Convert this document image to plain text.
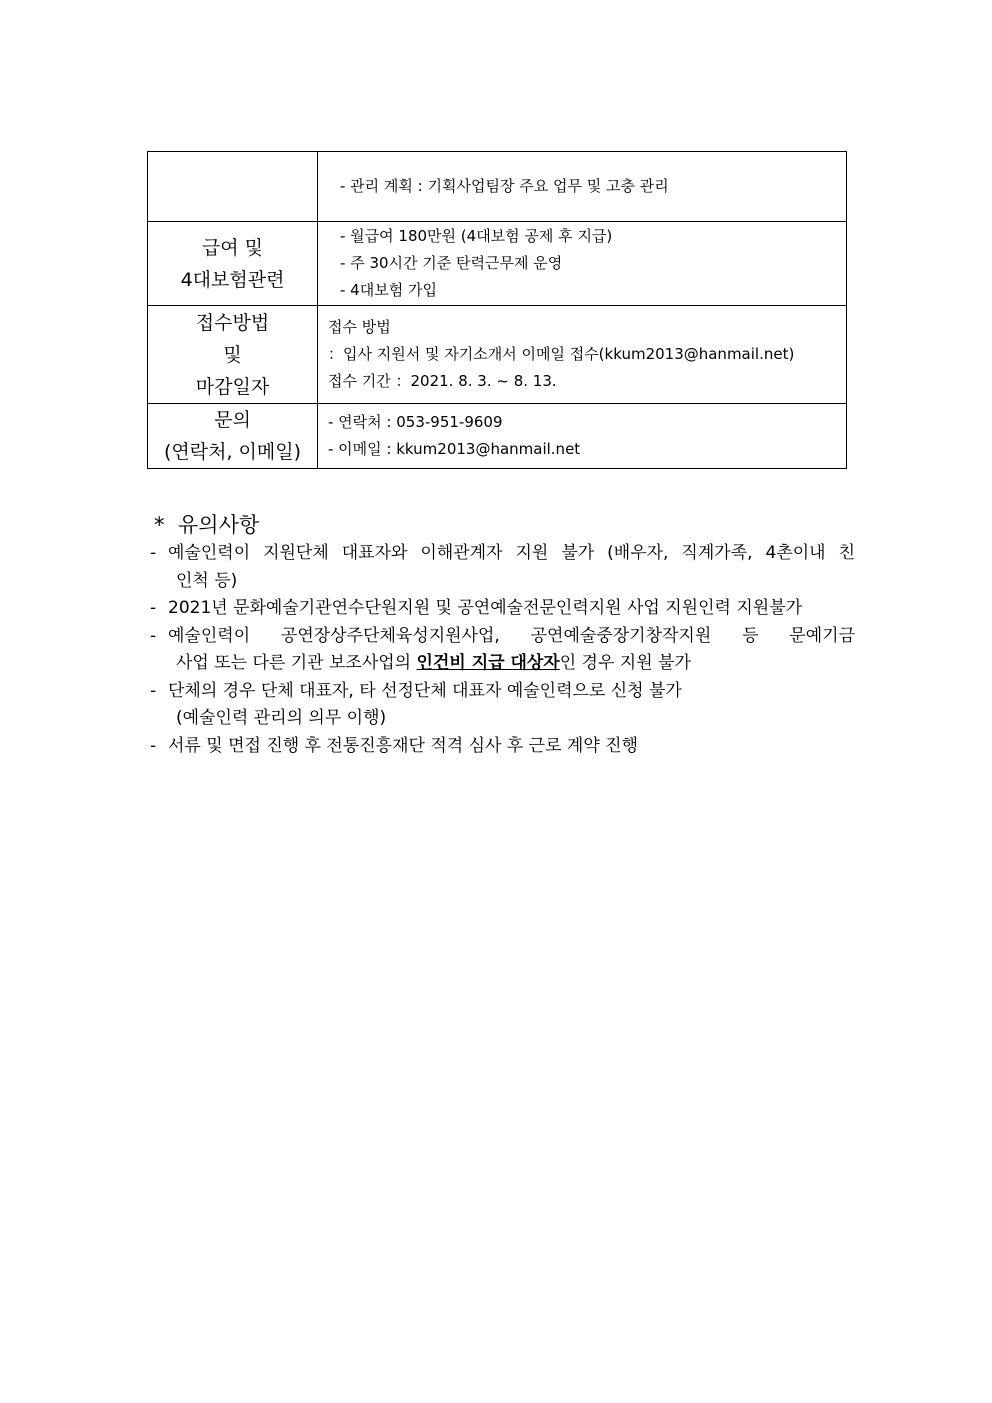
	- 관리 계획 : 기획사업팀장 주요 업무 및 고충 관리

급여 및
4대보험관련	- 월급여 180만원 (4대보험 공제 후 지급)
- 주 30시간 기준 탄력근무제 운영
- 4대보험 가입

접수방법
및
마감일자	접수 방법
：입사 지원서 및 자기소개서 이메일 접수(kkum2013@hanmail.net)
접수 기간 ：2021. 8. 3. ~ 8. 13.

문의
(연락처, 이메일)	- 연락처 : 053-951-9609
- 이메일 : kkum2013@hanmail.net
* 유의사항
- 예술인력이 지원단체 대표자와 이해관계자 지원 불가 (배우자, 직계가족, 4촌이내 친
인척 등)
- 2021년 문화예술기관연수단원지원 및 공연예술전문인력지원 사업 지원인력 지원불가
- 예술인력이 공연장상주단체육성지원사업, 공연예술중장기창작지원 등 문예기금
사업 또는 다른 기관 보조사업의 인건비 지급 대상자인 경우 지원 불가
- 단체의 경우 단체 대표자, 타 선정단체 대표자 예술인력으로 신청 불가
(예술인력 관리의 의무 이행)
- 서류 및 면접 진행 후 전통진흥재단 적격 심사 후 근로 계약 진행
